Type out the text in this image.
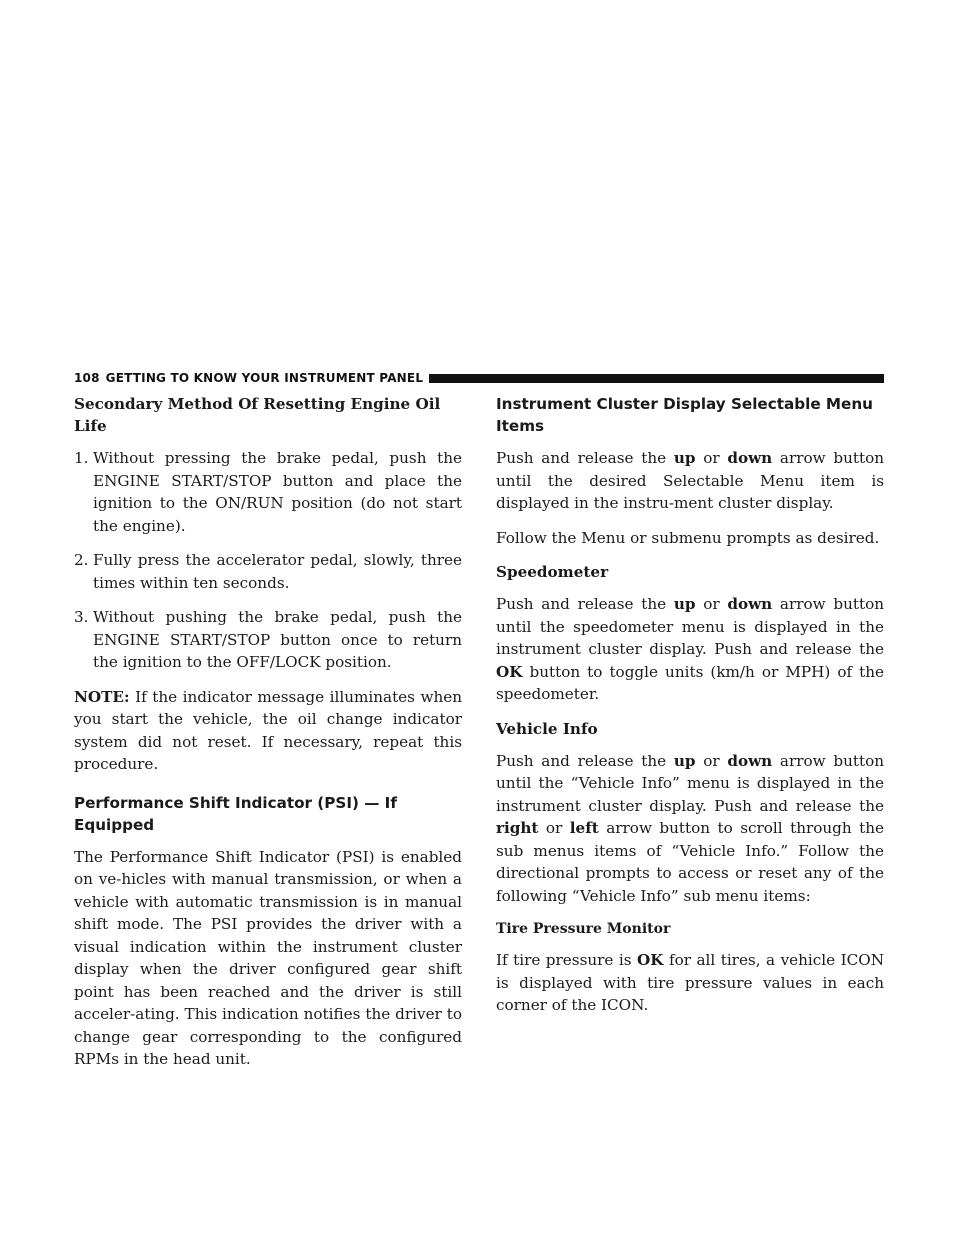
108 GETTING TO KNOW YOUR INSTRUMENT PANEL
Secondary Method Of Resetting Engine Oil Life
1. Without pressing the brake pedal, push the ENGINE START/STOP button and place the ignition to the ON/RUN position (do not start the engine).
2. Fully press the accelerator pedal, slowly, three times within ten seconds.
3. Without pushing the brake pedal, push the ENGINE START/STOP button once to return the ignition to the OFF/LOCK position.

NOTE: If the indicator message illuminates when you start the vehicle, the oil change indicator system did not reset. If necessary, repeat this procedure.

Performance Shift Indicator (PSI) — If Equipped

The Performance Shift Indicator (PSI) is enabled on ve-hicles with manual transmission, or when a vehicle with automatic transmission is in manual shift mode. The PSI provides the driver with a visual indication within the instrument cluster display when the driver configured gear shift point has been reached and the driver is still acceler-ating. This indication notifies the driver to change gear corresponding to the configured RPMs in the head unit.

Instrument Cluster Display Selectable Menu Items

Push and release the up or down arrow button until the desired Selectable Menu item is displayed in the instru-ment cluster display.

Follow the Menu or submenu prompts as desired.

Speedometer

Push and release the up or down arrow button until the speedometer menu is displayed in the instrument cluster display. Push and release the OK button to toggle units (km/h or MPH) of the speedometer.

Vehicle Info

Push and release the up or down arrow button until the “Vehicle Info” menu is displayed in the instrument cluster display. Push and release the right or left arrow button to scroll through the sub menus items of “Vehicle Info.” Follow the directional prompts to access or reset any of the following “Vehicle Info” sub menu items:

Tire Pressure Monitor

If tire pressure is OK for all tires, a vehicle ICON is displayed with tire pressure values in each corner of the ICON.
